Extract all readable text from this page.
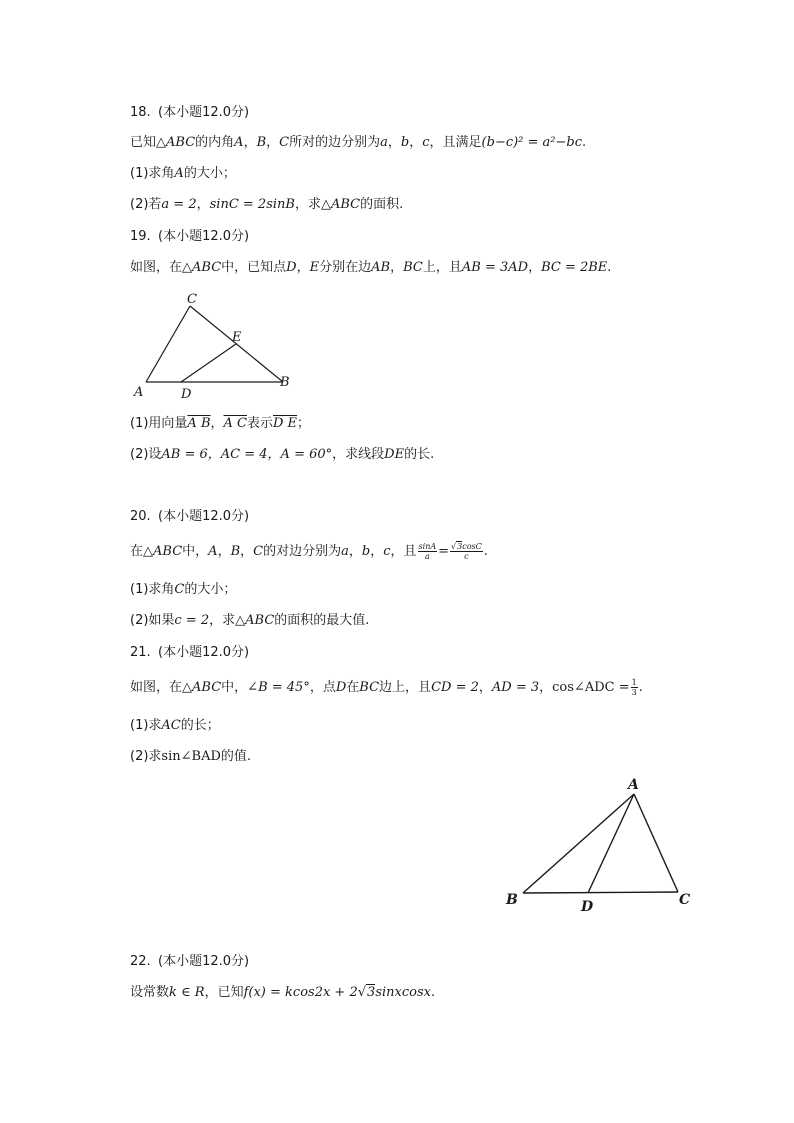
18. (本小题12.0分)
已知△ABC的内角A，B，C所对的边分别为a，b，c，且满足(b−c)² = a²−bc.
(1)求角A的大小；
(2)若a = 2，sinC = 2sinB，求△ABC的面积.
19. (本小题12.0分)
如图，在△ABC中，已知点D，E分别在边AB，BC上，且AB = 3AD，BC = 2BE.
C
E
A	D
B
(1)用向量A B，A C表示D E；
(2)设AB = 6，AC = 4，A = 60°，求线段DE的长.
20. (本小题12.0分)
在△ABC中，A，B，C的对边分别为a，b，c，且 $\frac{\sin A}{a} = \frac{√3\cos C}{c}$ .
(1)求角C的大小；
(2)如果c = 2，求△ABC的面积的最大值.
21. (本小题12.0分)
如图，在△ABC中，∠B = 45°，点D在BC边上，且CD = 2，AD = 3，cos∠ADC = $\frac{1}{3}$ .
(1)求AC的长；
(2)求sin∠BAD的值.
A
B	D	C
22. (本小题12.0分)
设常数k ∈ R，已知f(x) = kcos2x + 2√3sinxcosx.
